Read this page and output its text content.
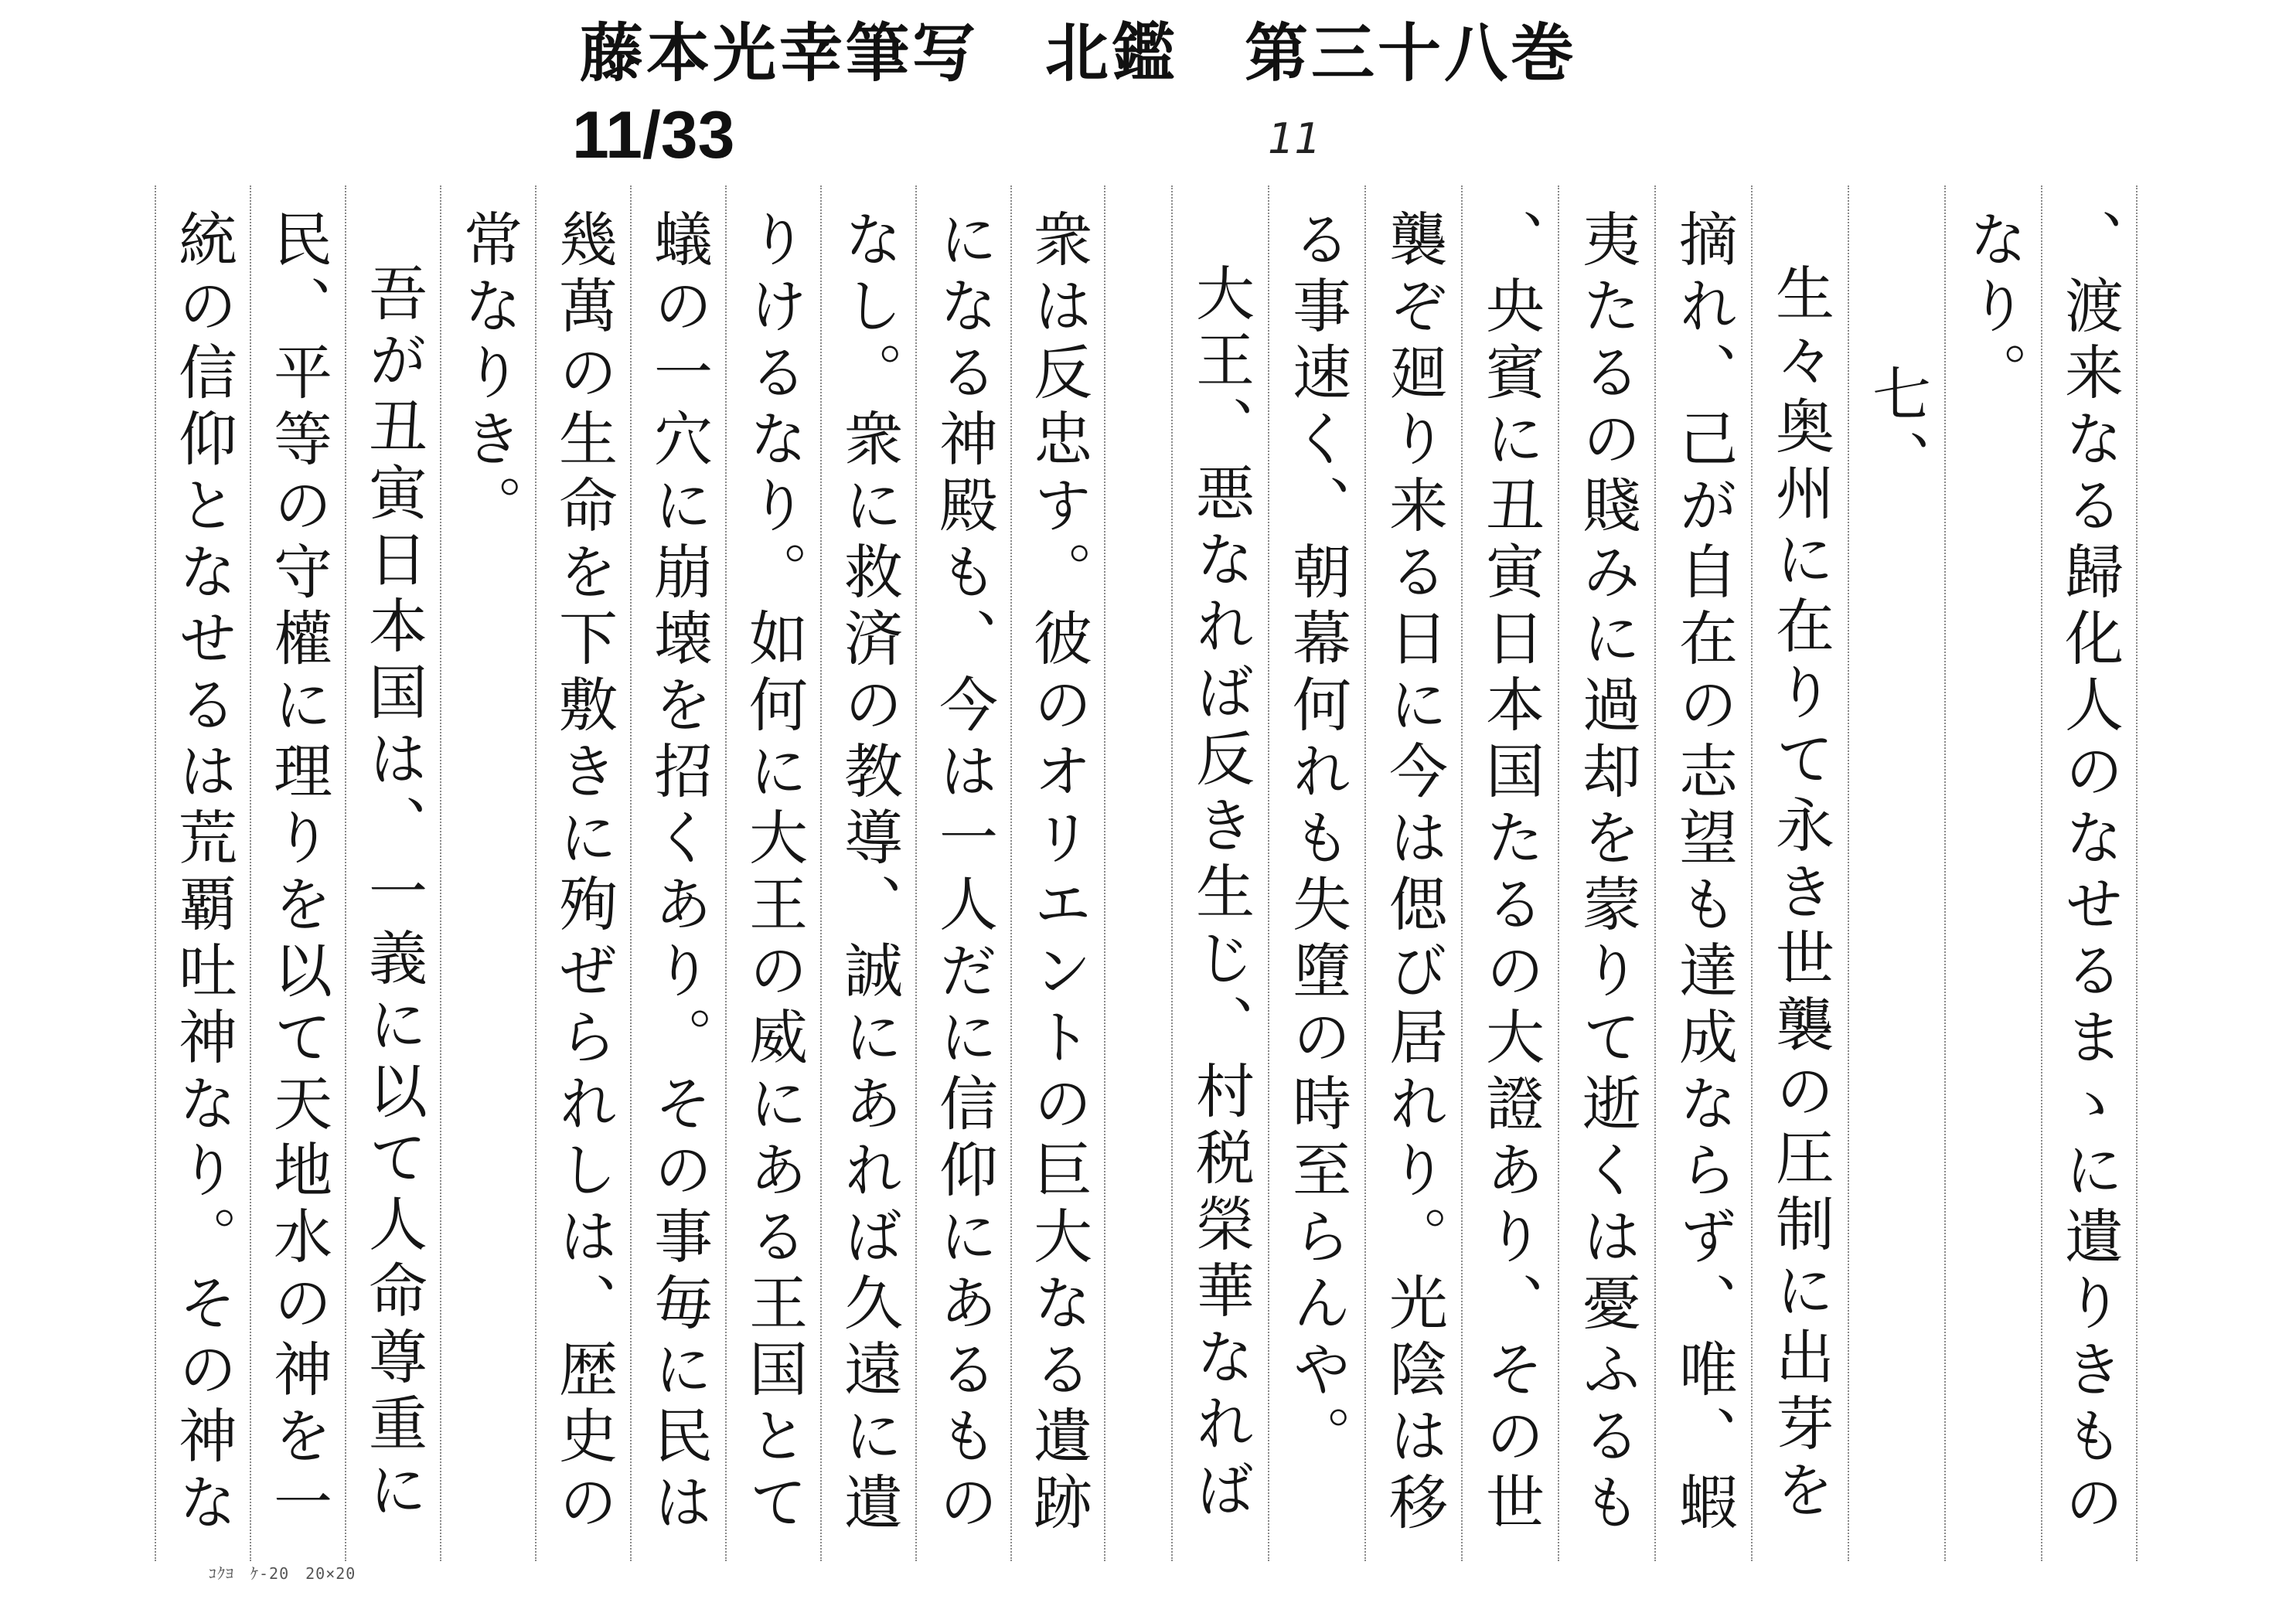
藤本光幸筆写　北鑑　第三十八巻
11/33	11
、渡来なる歸化人のなせるまゝに遺りきもの
なり。
七、
生々奥州に在りて永き世襲の圧制に出芽を
摘れ、己が自在の志望も達成ならず、唯、蝦
夷たるの賤みに過却を蒙りて逝くは憂ふるも
、央賓に丑寅日本国たるの大證あり、その世
襲ぞ廻り来る日に今は偲び居れり。光陰は移
る事速く、朝幕何れも失墮の時至らんや。
大王、悪なれば反き生じ、村税榮華なれば
衆は反忠す。彼のオリエントの巨大なる遺跡
になる神殿も、今は一人だに信仰にあるもの
なし。衆に救済の教導、誠にあれば久遠に遺
りけるなり。如何に大王の威にある王国とて
蟻の一穴に崩壊を招くあり。その事毎に民は
幾萬の生命を下敷きに殉ぜられしは、歴史の
常なりき。
吾が丑寅日本国は、一義に以て人命尊重に
民、平等の守權に理りを以て天地水の神を一
統の信仰となせるは荒覇吐神なり。その神な
ｺｸﾖ　ｹ-20　20×20
